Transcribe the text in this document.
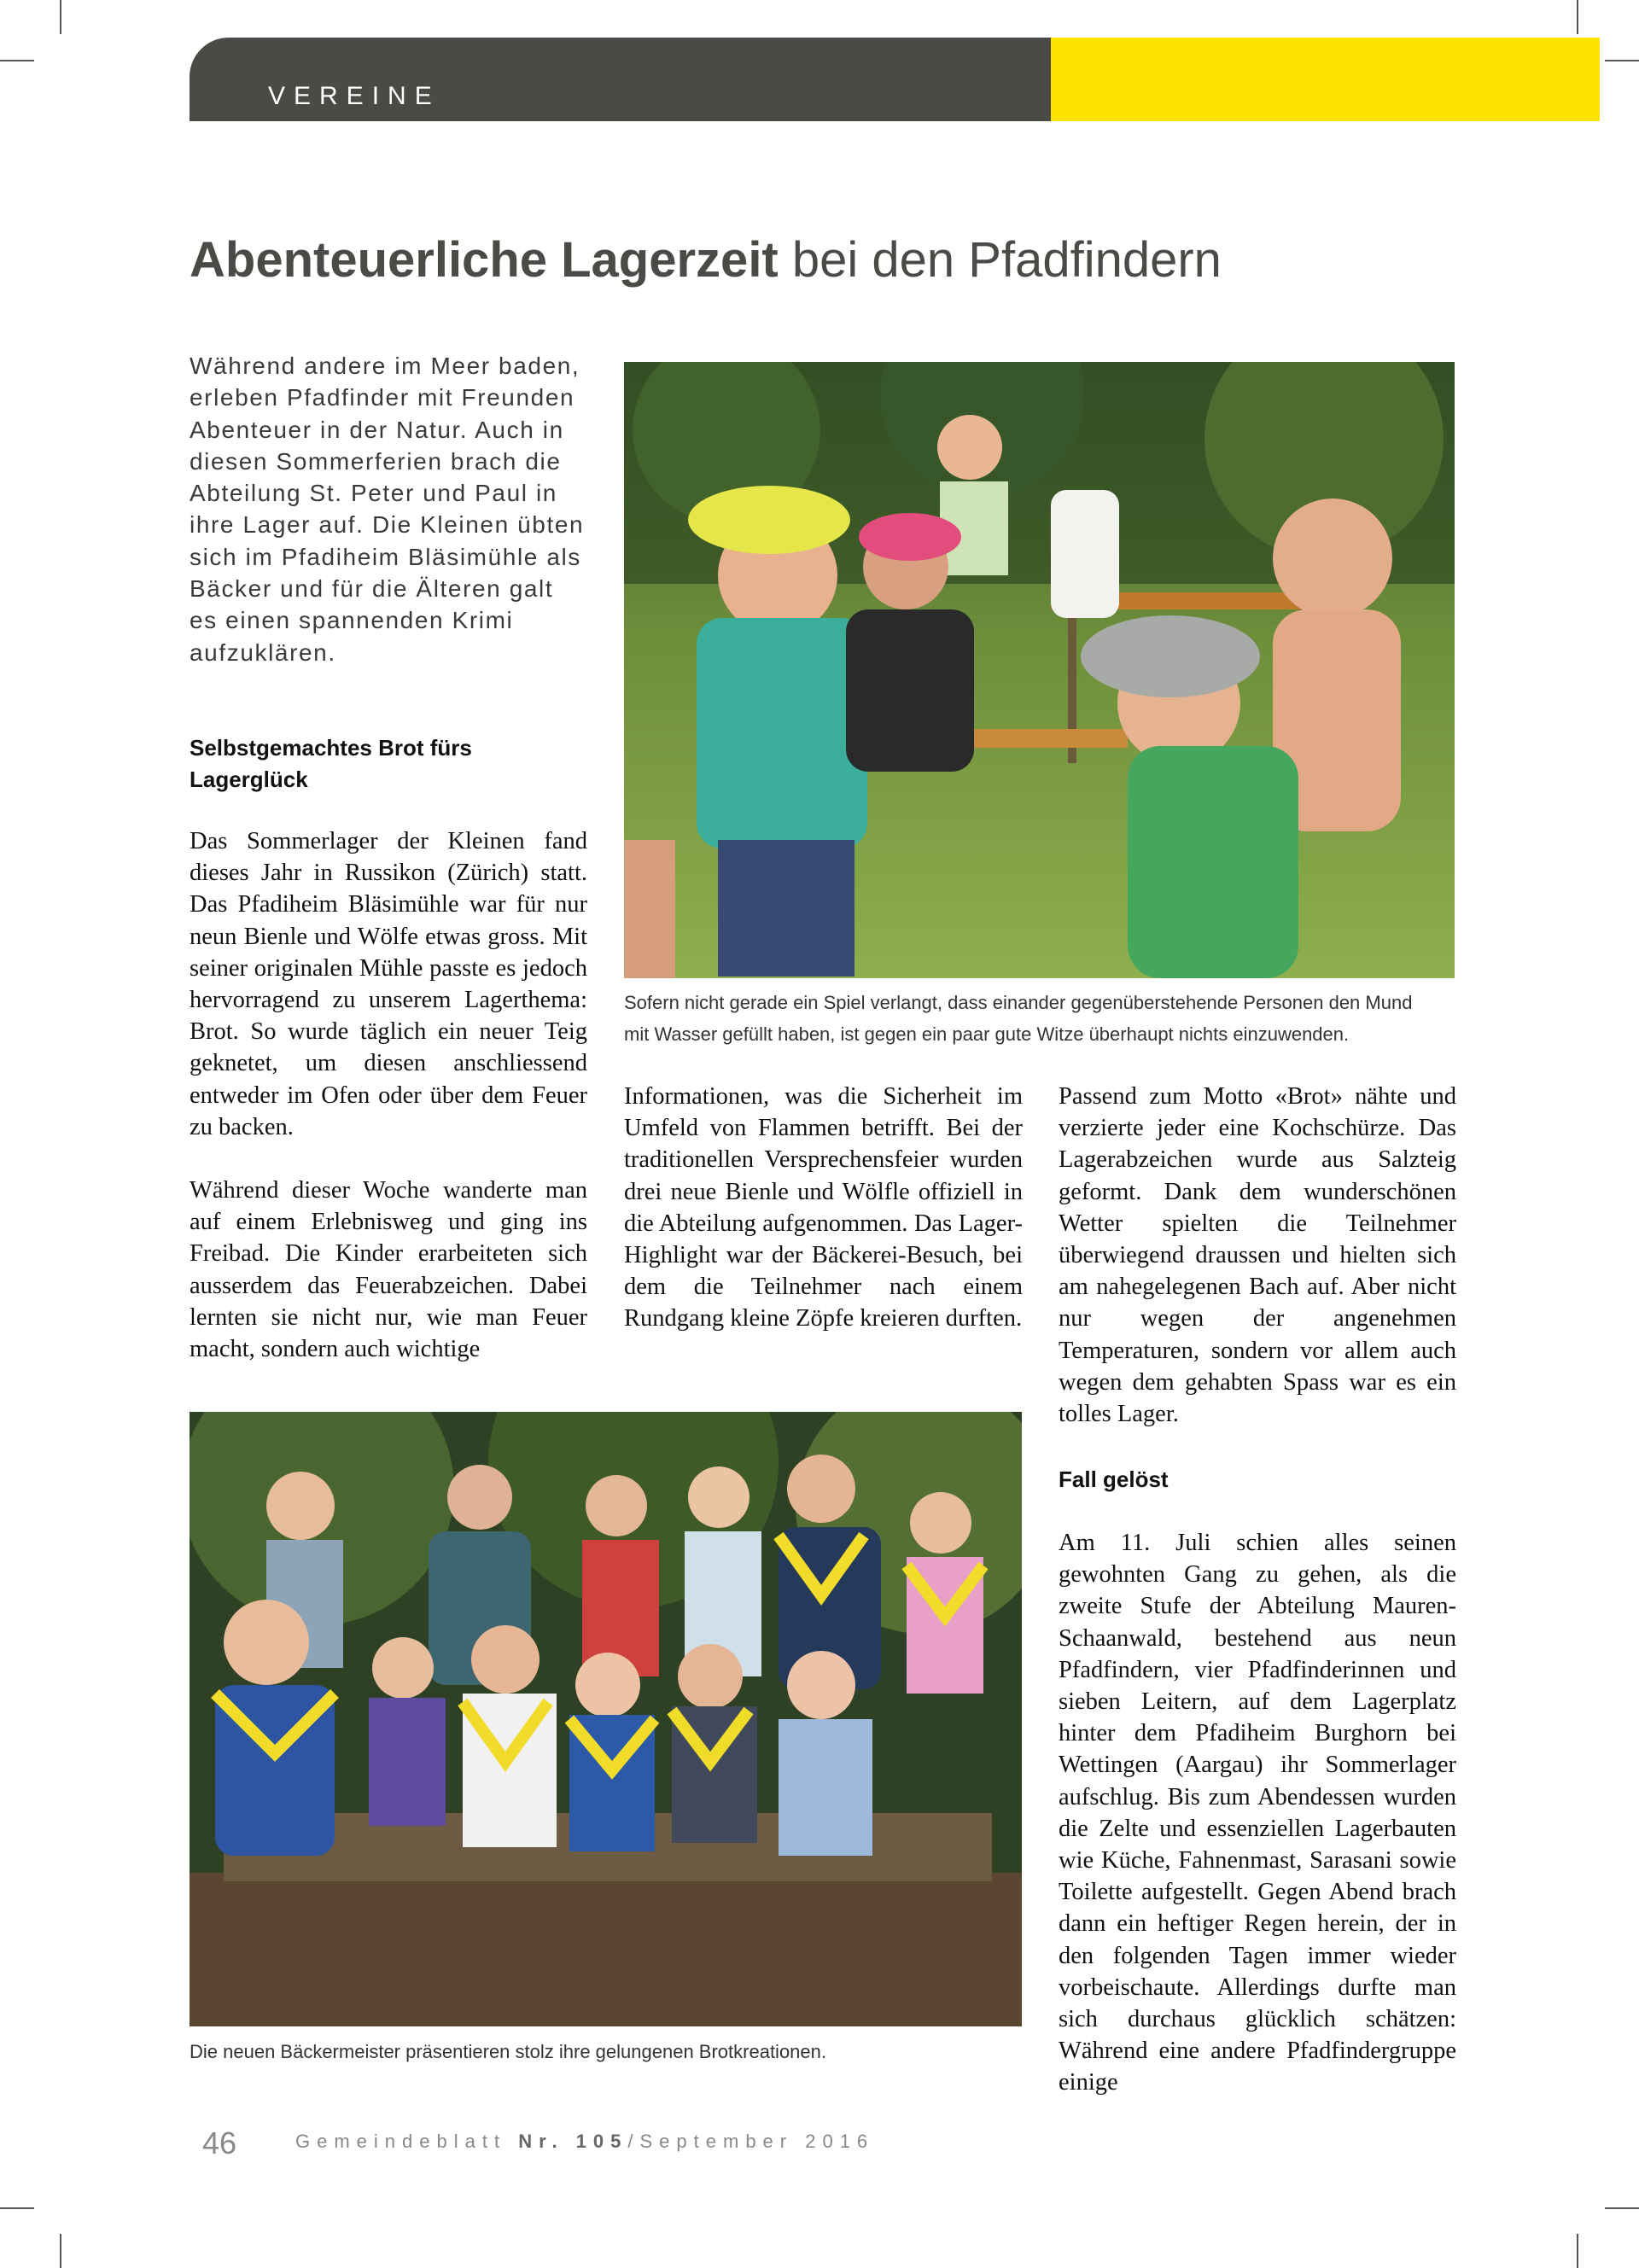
VEREINE
Abenteuerliche Lagerzeit bei den Pfadfindern
Während andere im Meer baden, erleben Pfadfinder mit Freunden Abenteuer in der Natur. Auch in diesen Sommerferien brach die Abteilung St. Peter und Paul in ihre Lager auf. Die Kleinen übten sich im Pfadiheim Bläsimühle als Bäcker und für die Älteren galt es einen spannenden Krimi aufzuklären.
Selbstgemachtes Brot fürs Lagerglück
Das Sommerlager der Kleinen fand dieses Jahr in Russikon (Zürich) statt. Das Pfadiheim Bläsimühle war für nur neun Bienle und Wölfe etwas gross. Mit seiner originalen Mühle passte es jedoch hervorragend zu unserem Lagerthema: Brot. So wurde täglich ein neuer Teig geknetet, um diesen anschliessend entweder im Ofen oder über dem Feuer zu backen.
Während dieser Woche wanderte man auf einem Erlebnisweg und ging ins Freibad. Die Kinder erarbeiteten sich ausserdem das Feuerabzeichen. Dabei lernten sie nicht nur, wie man Feuer macht, sondern auch wichtige
Sofern nicht gerade ein Spiel verlangt, dass einander gegenüberstehende Personen den Mund
mit Wasser gefüllt haben, ist gegen ein paar gute Witze überhaupt nichts einzuwenden.
Informationen, was die Sicherheit im Umfeld von Flammen betrifft. Bei der traditionellen Versprechensfeier wurden drei neue Bienle und Wölfle offiziell in die Abteilung aufgenommen. Das Lager-Highlight war der Bäckerei-Besuch, bei dem die Teilnehmer nach einem Rundgang kleine Zöpfe kreieren durften.
Passend zum Motto «Brot» nähte und verzierte jeder eine Kochschürze. Das Lagerabzeichen wurde aus Salzteig geformt. Dank dem wunderschönen Wetter spielten die Teilnehmer überwiegend draussen und hielten sich am nahegelegenen Bach auf. Aber nicht nur wegen der angenehmen Temperaturen, sondern vor allem auch wegen dem gehabten Spass war es ein tolles Lager.
Fall gelöst
Am 11. Juli schien alles seinen gewohnten Gang zu gehen, als die zweite Stufe der Abteilung Mauren-Schaanwald, bestehend aus neun Pfadfindern, vier Pfadfinderinnen und sieben Leitern, auf dem Lagerplatz hinter dem Pfadiheim Burghorn bei Wettingen (Aargau) ihr Sommerlager aufschlug. Bis zum Abendessen wurden die Zelte und essenziellen Lagerbauten wie Küche, Fahnenmast, Sarasani sowie Toilette aufgestellt. Gegen Abend brach dann ein heftiger Regen herein, der in den folgenden Tagen immer wieder vorbeischaute. Allerdings durfte man sich durchaus glücklich schätzen: Während eine andere Pfadfindergruppe einige
Die neuen Bäckermeister präsentieren stolz ihre gelungenen Brotkreationen.
46	Gemeindeblatt Nr. 105/September 2016
